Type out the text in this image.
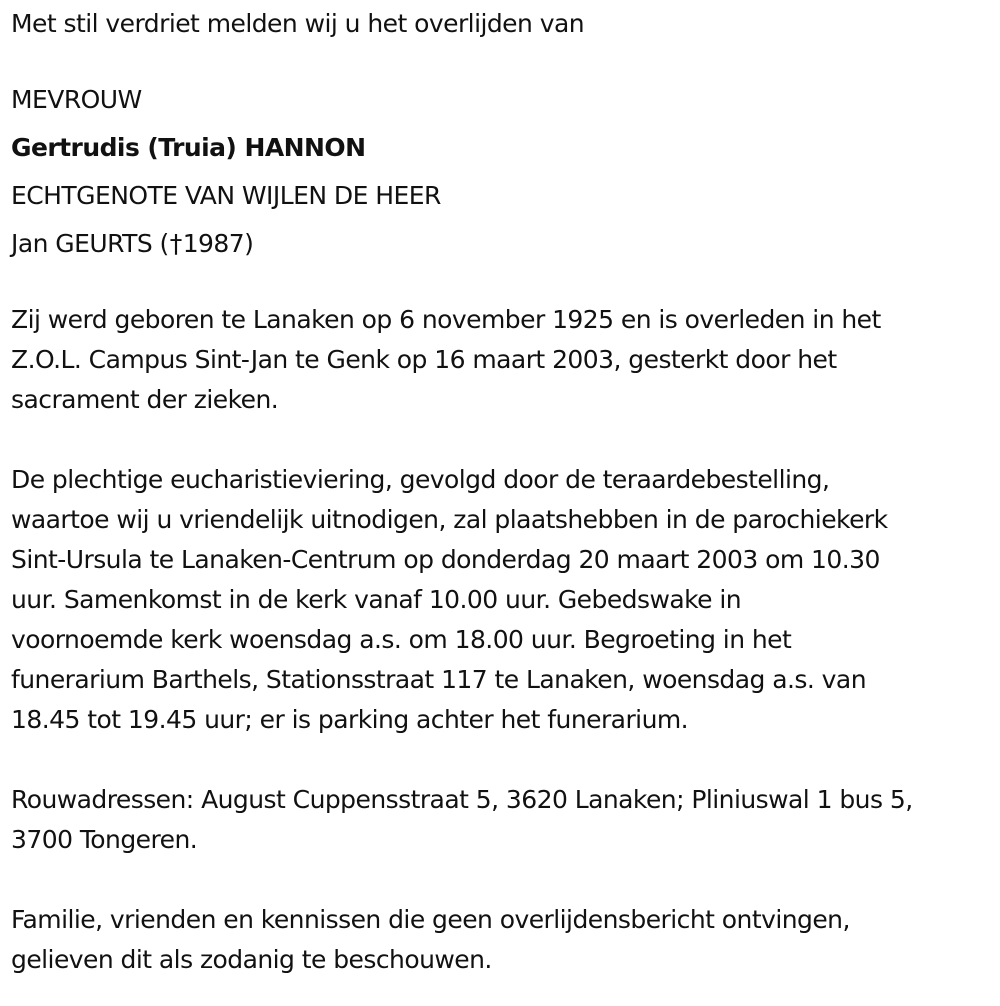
Met stil verdriet melden wij u het overlijden van

MEVROUW

Gertrudis (Truia) HANNON

ECHTGENOTE VAN WIJLEN DE HEER

Jan GEURTS (†1987)

Zij werd geboren te Lanaken op 6 november 1925 en is overleden in het

Z.O.L. Campus Sint-Jan te Genk op 16 maart 2003, gesterkt door het

sacrament der zieken.

De plechtige eucharistieviering, gevolgd door de teraardebestelling,

waartoe wij u vriendelijk uitnodigen, zal plaatshebben in de parochiekerk

Sint-Ursula te Lanaken-Centrum op donderdag 20 maart 2003 om 10.30

uur. Samenkomst in de kerk vanaf 10.00 uur. Gebedswake in

voornoemde kerk woensdag a.s. om 18.00 uur. Begroeting in het

funerarium Barthels, Stationsstraat 117 te Lanaken, woensdag a.s. van

18.45 tot 19.45 uur; er is parking achter het funerarium.

Rouwadressen: August Cuppensstraat 5, 3620 Lanaken; Pliniuswal 1 bus 5,

3700 Tongeren.

Familie, vrienden en kennissen die geen overlijdensbericht ontvingen,

gelieven dit als zodanig te beschouwen.
